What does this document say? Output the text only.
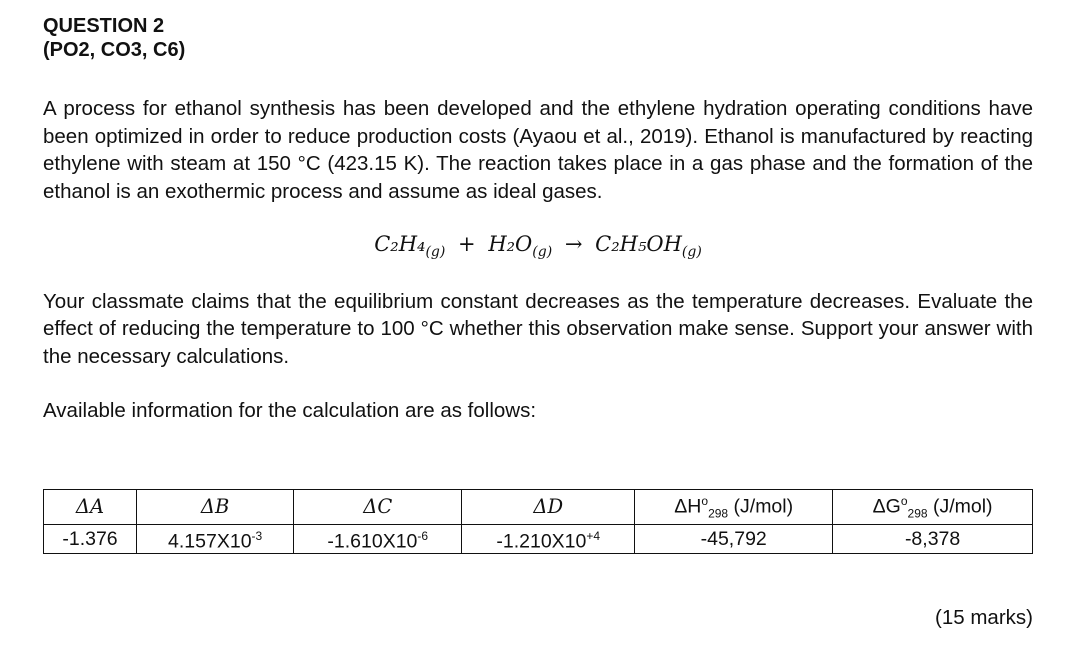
QUESTION 2

(PO2, CO3, C6)

A process for ethanol synthesis has been developed and the ethylene hydration operating conditions have been optimized in order to reduce production costs (Ayaou et al., 2019). Ethanol is manufactured by reacting ethylene with steam at 150 °C (423.15 K). The reaction takes place in a gas phase and the formation of the ethanol is an exothermic process and assume as ideal gases.

$C_2H_4_{(g)} + H_2O_{(g)} \to C_2H_5OH_{(g)}$

Your classmate claims that the equilibrium constant decreases as the temperature decreases. Evaluate the effect of reducing the temperature to 100 °C whether this observation make sense. Support your answer with the necessary calculations.

Available information for the calculation are as follows:

ΔA	ΔB	ΔC	ΔD	$\Delta H^o_{298}$ (J/mol)	$\Delta G^o_{298}$ (J/mol)
-1.376	$4.157X10^{-3}$	$-1.610X10^{-6}$	$-1.210X10^{+4}$	-45,792	-8,378
(15 marks)
